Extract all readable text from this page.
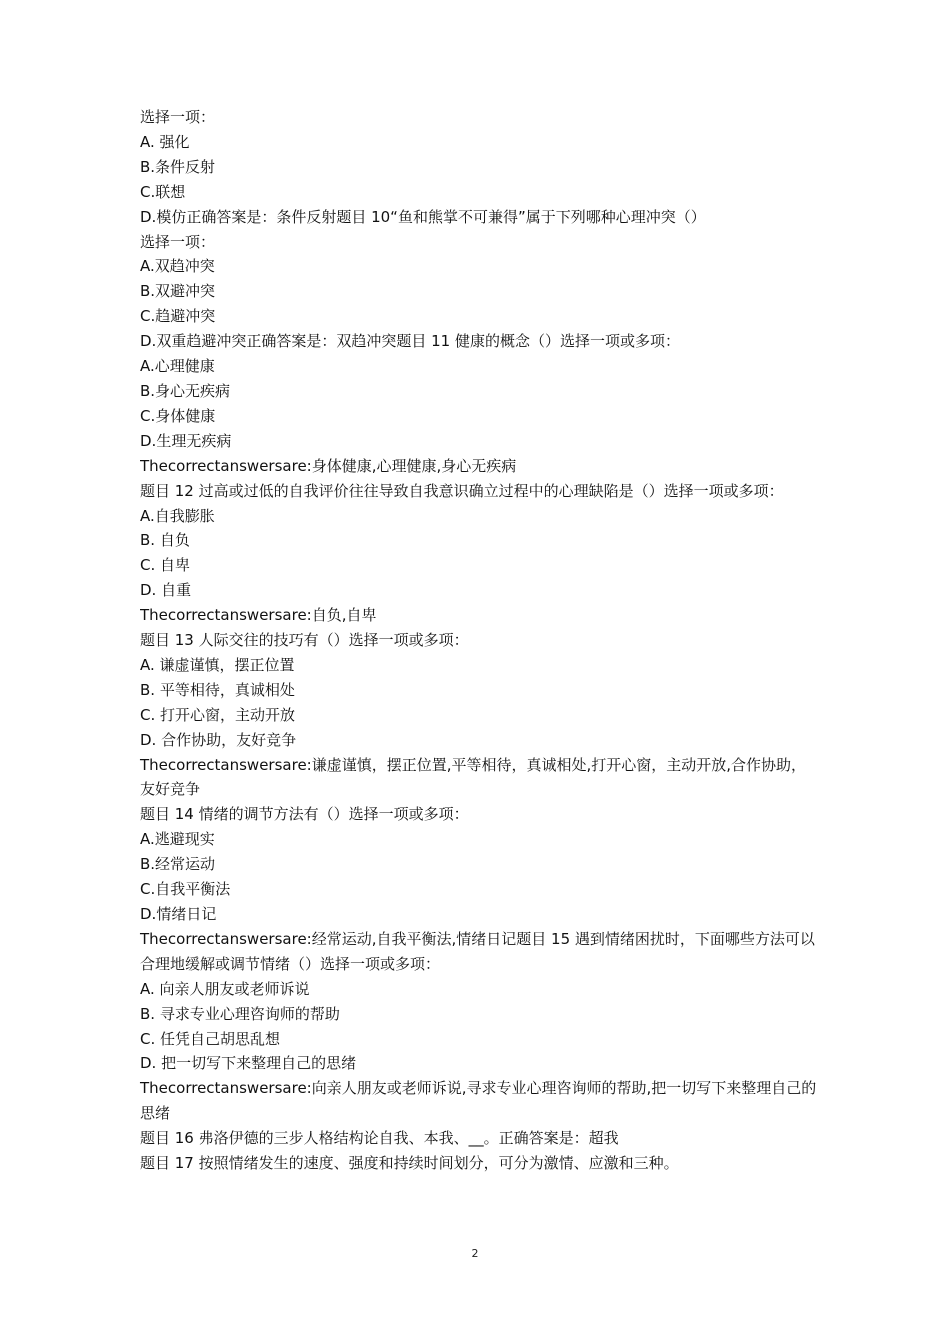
选择一项：
A. 强化
B.条件反射
C.联想
D.模仿正确答案是：条件反射题目 10“鱼和熊掌不可兼得”属于下列哪种心理冲突（）
选择一项：
A.双趋冲突
B.双避冲突
C.趋避冲突
D.双重趋避冲突正确答案是：双趋冲突题目 11 健康的概念（）选择一项或多项：
A.心理健康
B.身心无疾病
C.身体健康
D.生理无疾病
Thecorrectanswersare:身体健康,心理健康,身心无疾病
题目 12 过高或过低的自我评价往往导致自我意识确立过程中的心理缺陷是（）选择一项或多项：
A.自我膨胀
B. 自负
C. 自卑
D. 自重
Thecorrectanswersare:自负,自卑
题目 13 人际交往的技巧有（）选择一项或多项：
A. 谦虚谨慎，摆正位置
B. 平等相待，真诚相处
C. 打开心窗，主动开放
D. 合作协助，友好竞争
Thecorrectanswersare:谦虚谨慎，摆正位置,平等相待，真诚相处,打开心窗，主动开放,合作协助，友好竞争
题目 14 情绪的调节方法有（）选择一项或多项：
A.逃避现实
B.经常运动
C.自我平衡法
D.情绪日记
Thecorrectanswersare:经常运动,自我平衡法,情绪日记题目 15 遇到情绪困扰时，下面哪些方法可以合理地缓解或调节情绪（）选择一项或多项：
A. 向亲人朋友或老师诉说
B. 寻求专业心理咨询师的帮助
C. 任凭自己胡思乱想
D. 把一切写下来整理自己的思绪
Thecorrectanswersare:向亲人朋友或老师诉说,寻求专业心理咨询师的帮助,把一切写下来整理自己的思绪
题目 16 弗洛伊德的三步人格结构论自我、本我、__。正确答案是：超我
题目 17 按照情绪发生的速度、强度和持续时间划分，可分为激情、应激和三种。
2
